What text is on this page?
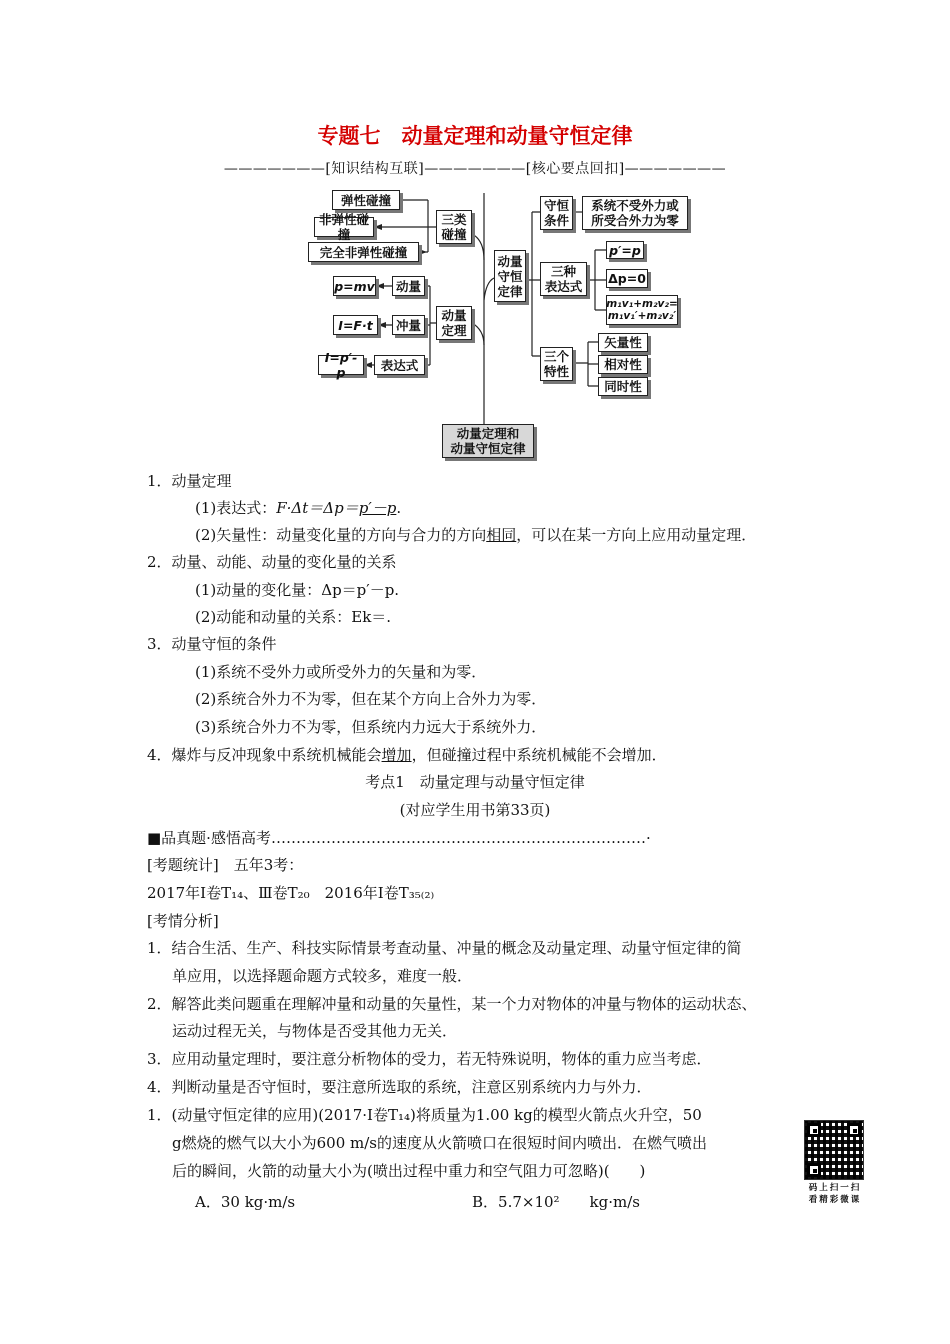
专题七　动量定理和动量守恒定律
———————[知识结构互联]———————[核心要点回扣]———————
弹性碰撞
非弹性碰撞
完全非弹性碰撞
三类
碰撞
p=mv	动量
I=F·t	冲量
动量
定理
I=p′-p	表达式
动量
守恒
定律
守恒
条件
系统不受外力或
所受合外力为零
三种
表达式
p′=p
Δp=0
m₁v₁+m₂v₂=
m₁v₁′+m₂v₂′
三个
特性
矢量性
相对性
同时性
动量定理和
动量守恒定律
1．动量定理
(1)表达式：F·Δt＝Δp＝p′－p.
(2)矢量性：动量变化量的方向与合力的方向相同，可以在某一方向上应用动量定理．
2．动量、动能、动量的变化量的关系
(1)动量的变化量：Δp＝p′－p.
(2)动能和动量的关系：Ek＝.
3．动量守恒的条件
(1)系统不受外力或所受外力的矢量和为零．
(2)系统合外力不为零，但在某个方向上合外力为零．
(3)系统合外力不为零，但系统内力远大于系统外力．
4．爆炸与反冲现象中系统机械能会增加，但碰撞过程中系统机械能不会增加．
考点1　动量定理与动量守恒定律
(对应学生用书第33页)
■品真题·感悟高考…………………………………………………………………·
[考题统计]　五年3考：
2017年Ⅰ卷T₁₄、Ⅲ卷T₂₀　2016年Ⅰ卷T₃₅₍₂₎
[考情分析]
1．结合生活、生产、科技实际情景考查动量、冲量的概念及动量定理、动量守恒定律的简
单应用，以选择题命题方式较多，难度一般．
2．解答此类问题重在理解冲量和动量的矢量性，某一个力对物体的冲量与物体的运动状态、
运动过程无关，与物体是否受其他力无关．
3．应用动量定理时，要注意分析物体的受力，若无特殊说明，物体的重力应当考虑．
4．判断动量是否守恒时，要注意所选取的系统，注意区别系统内力与外力．
1．(动量守恒定律的应用)(2017·Ⅰ卷T₁₄)将质量为1.00 kg的模型火箭点火升空，50
g燃烧的燃气以大小为600 m/s的速度从火箭喷口在很短时间内喷出．在燃气喷出
后的瞬间，火箭的动量大小为(喷出过程中重力和空气阻力可忽略)(　　)
A．30 kg·m/s	B．5.7×10²　　kg·m/s
码上扫一扫
看精彩微课
